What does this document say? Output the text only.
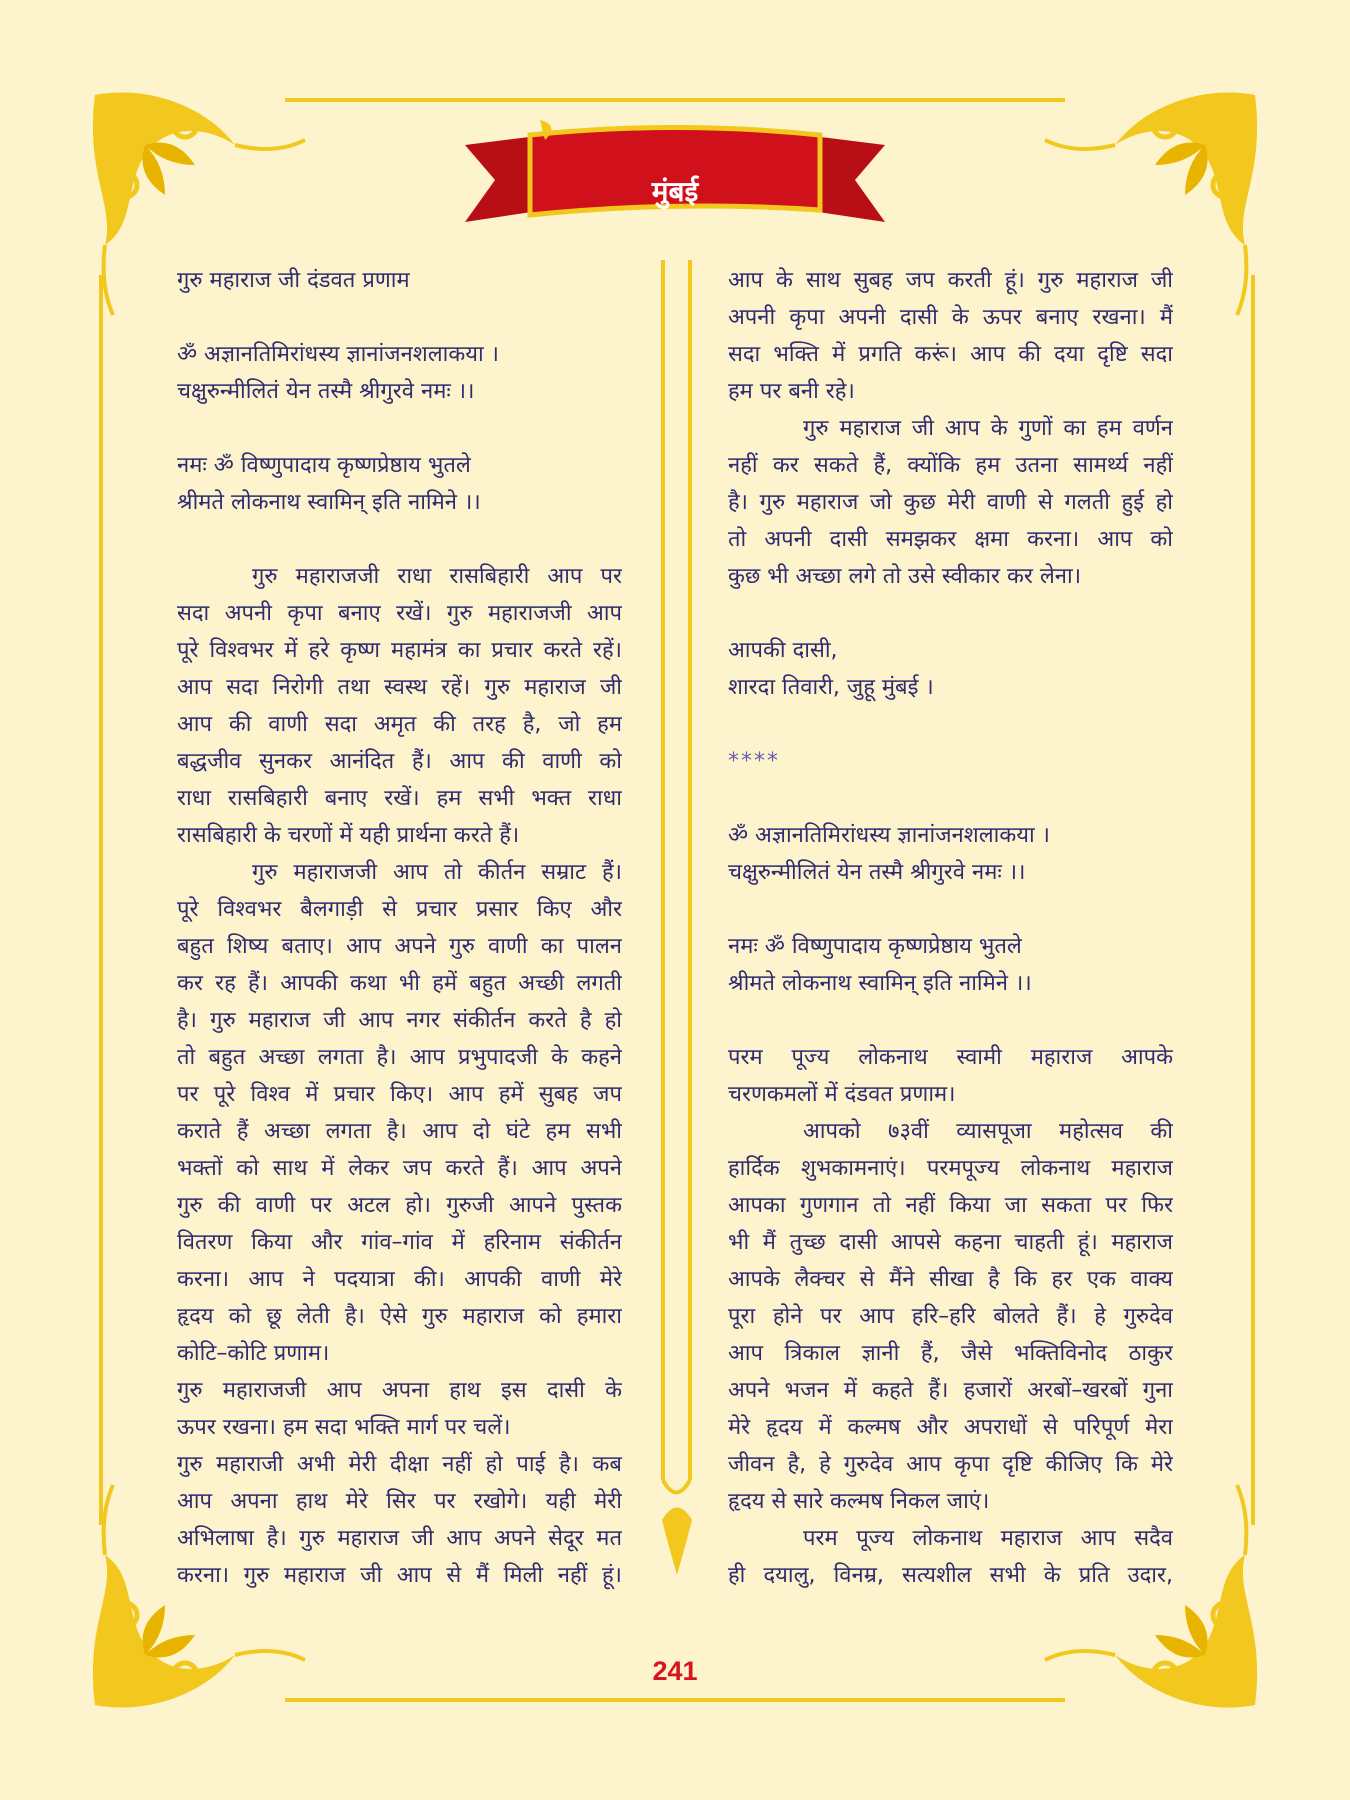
मुंबई
गुरु महाराज जी दंडवत प्रणाम
ॐ अज्ञानतिमिरांधस्य ज्ञानांजनशलाकया ।
चक्षुरुन्मीलितं येन तस्मै श्रीगुरवे नमः ।।
नमः ॐ विष्णुपादाय कृष्णप्रेष्ठाय भुतले
श्रीमते लोकनाथ स्वामिन् इति नामिने ।।
गुरु महाराजजी राधा रासबिहारी आप पर
सदा अपनी कृपा बनाए रखें। गुरु महाराजजी आप
पूरे विश्वभर में हरे कृष्ण महामंत्र का प्रचार करते रहें।
आप सदा निरोगी तथा स्वस्थ रहें। गुरु महाराज जी
आप की वाणी सदा अमृत की तरह है, जो हम
बद्धजीव सुनकर आनंदित हैं। आप की वाणी को
राधा रासबिहारी बनाए रखें। हम सभी भक्त राधा
रासबिहारी के चरणों में यही प्रार्थना करते हैं।
गुरु महाराजजी आप तो कीर्तन सम्राट हैं।
पूरे विश्वभर बैलगाड़ी से प्रचार प्रसार किए और
बहुत शिष्य बताए। आप अपने गुरु वाणी का पालन
कर रह हैं। आपकी कथा भी हमें बहुत अच्छी लगती
है। गुरु महाराज जी आप नगर संकीर्तन करते है हो
तो बहुत अच्छा लगता है। आप प्रभुपादजी के कहने
पर पूरे विश्व में प्रचार किए। आप हमें सुबह जप
कराते हैं अच्छा लगता है। आप दो घंटे हम सभी
भक्तों को साथ में लेकर जप करते हैं। आप अपने
गुरु की वाणी पर अटल हो। गुरुजी आपने पुस्तक
वितरण किया और गांव–गांव में हरिनाम संकीर्तन
करना। आप ने पदयात्रा की। आपकी वाणी मेरे
हृदय को छू लेती है। ऐसे गुरु महाराज को हमारा
कोटि–कोटि प्रणाम।
गुरु महाराजजी आप अपना हाथ इस दासी के
ऊपर रखना। हम सदा भक्ति मार्ग पर चलें।
गुरु महाराजी अभी मेरी दीक्षा नहीं हो पाई है। कब
आप अपना हाथ मेरे सिर पर रखोगे। यही मेरी
अभिलाषा है। गुरु महाराज जी आप अपने सेदूर मत
करना। गुरु महाराज जी आप से मैं मिली नहीं हूं।
आप के साथ सुबह जप करती हूं। गुरु महाराज जी
अपनी कृपा अपनी दासी के ऊपर बनाए रखना। मैं
सदा भक्ति में प्रगति करूं। आप की दया दृष्टि सदा
हम पर बनी रहे।
गुरु महाराज जी आप के गुणों का हम वर्णन
नहीं कर सकते हैं, क्योंकि हम उतना सामर्थ्य नहीं
है। गुरु महाराज जो कुछ मेरी वाणी से गलती हुई हो
तो अपनी दासी समझकर क्षमा करना। आप को
कुछ भी अच्छा लगे तो उसे स्वीकार कर लेना।
आपकी दासी,
शारदा तिवारी, जुहू मुंबई ।
****
ॐ अज्ञानतिमिरांधस्य ज्ञानांजनशलाकया ।
चक्षुरुन्मीलितं येन तस्मै श्रीगुरवे नमः ।।
नमः ॐ विष्णुपादाय कृष्णप्रेष्ठाय भुतले
श्रीमते लोकनाथ स्वामिन् इति नामिने ।।
परम पूज्य लोकनाथ स्वामी महाराज आपके
चरणकमलों में दंडवत प्रणाम।
आपको ७३वीं व्यासपूजा महोत्सव की
हार्दिक शुभकामनाएं। परमपूज्य लोकनाथ महाराज
आपका गुणगान तो नहीं किया जा सकता पर फिर
भी मैं तुच्छ दासी आपसे कहना चाहती हूं। महाराज
आपके लैक्चर से मैंने सीखा है कि हर एक वाक्य
पूरा होने पर आप हरि–हरि बोलते हैं। हे गुरुदेव
आप त्रिकाल ज्ञानी हैं, जैसे भक्तिविनोद ठाकुर
अपने भजन में कहते हैं। हजारों अरबों–खरबों गुना
मेरे हृदय में कल्मष और अपराधों से परिपूर्ण मेरा
जीवन है, हे गुरुदेव आप कृपा दृष्टि कीजिए कि मेरे
हृदय से सारे कल्मष निकल जाएं।
परम पूज्य लोकनाथ महाराज आप सदैव
ही दयालु, विनम्र, सत्यशील सभी के प्रति उदार,
241
